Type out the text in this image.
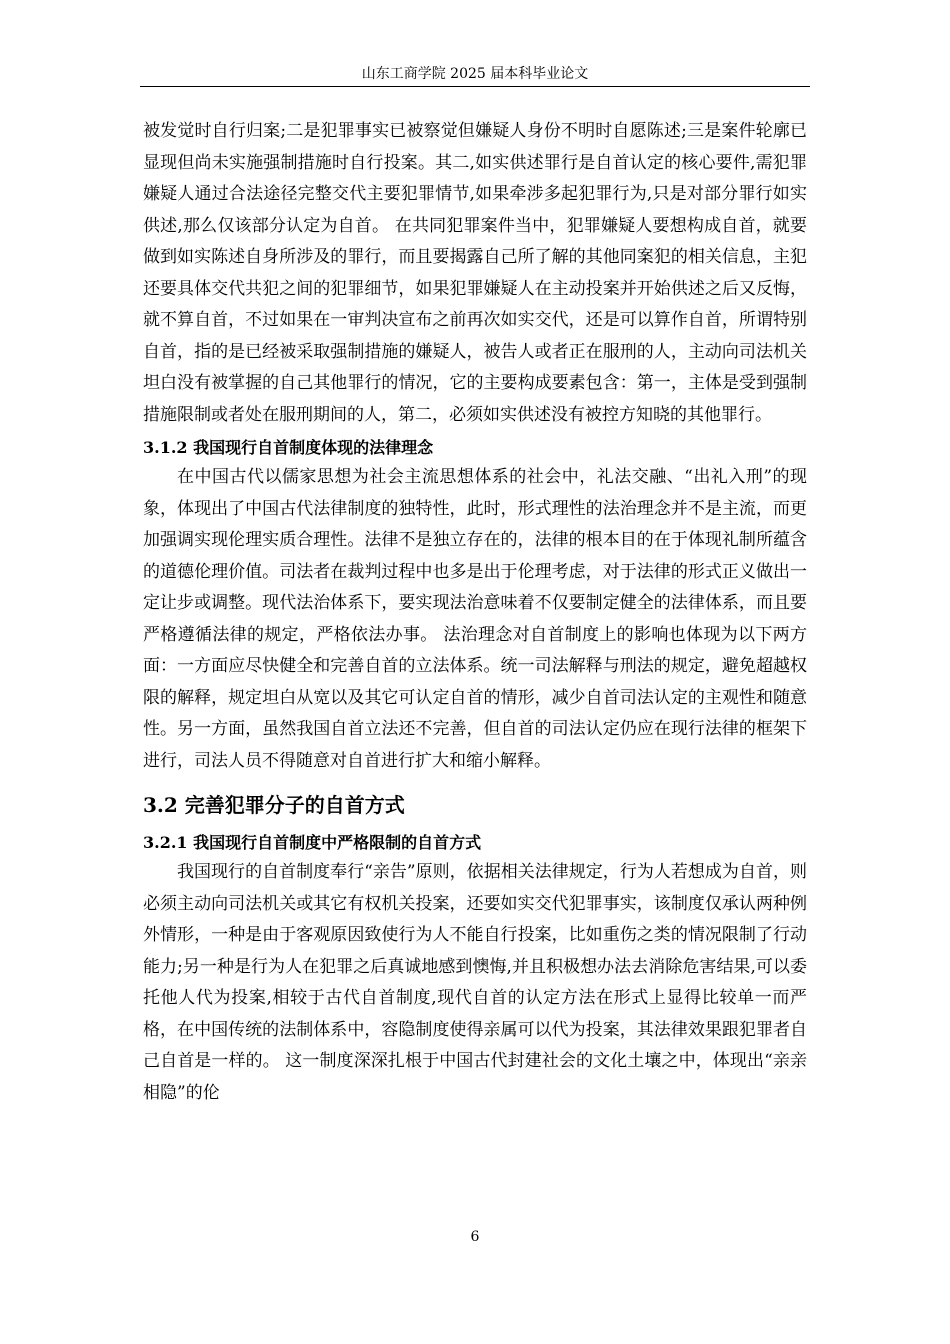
山东工商学院 2025 届本科毕业论文

被发觉时自行归案;二是犯罪事实已被察觉但嫌疑人身份不明时自愿陈述;三是案件轮廓已显现但尚未实施强制措施时自行投案。其二,如实供述罪行是自首认定的核心要件,需犯罪嫌疑人通过合法途径完整交代主要犯罪情节,如果牵涉多起犯罪行为,只是对部分罪行如实供述,那么仅该部分认定为自首。 在共同犯罪案件当中，犯罪嫌疑人要想构成自首，就要做到如实陈述自身所涉及的罪行，而且要揭露自己所了解的其他同案犯的相关信息，主犯还要具体交代共犯之间的犯罪细节，如果犯罪嫌疑人在主动投案并开始供述之后又反悔，就不算自首，不过如果在一审判决宣布之前再次如实交代，还是可以算作自首，所谓特别自首，指的是已经被采取强制措施的嫌疑人，被告人或者正在服刑的人，主动向司法机关坦白没有被掌握的自己其他罪行的情况，它的主要构成要素包含：第一，主体是受到强制措施限制或者处在服刑期间的人，第二，必须如实供述没有被控方知晓的其他罪行。

3.1.2 我国现行自首制度体现的法律理念

在中国古代以儒家思想为社会主流思想体系的社会中，礼法交融、“出礼入刑”的现象，体现出了中国古代法律制度的独特性，此时，形式理性的法治理念并不是主流，而更加强调实现伦理实质合理性。法律不是独立存在的，法律的根本目的在于体现礼制所蕴含的道德伦理价值。司法者在裁判过程中也多是出于伦理考虑，对于法律的形式正义做出一定让步或调整。现代法治体系下，要实现法治意味着不仅要制定健全的法律体系，而且要严格遵循法律的规定，严格依法办事。 法治理念对自首制度上的影响也体现为以下两方面：一方面应尽快健全和完善自首的立法体系。统一司法解释与刑法的规定，避免超越权限的解释，规定坦白从宽以及其它可认定自首的情形，减少自首司法认定的主观性和随意性。另一方面，虽然我国自首立法还不完善，但自首的司法认定仍应在现行法律的框架下进行，司法人员不得随意对自首进行扩大和缩小解释。

3.2 完善犯罪分子的自首方式
3.2.1 我国现行自首制度中严格限制的自首方式

我国现行的自首制度奉行“亲告”原则，依据相关法律规定，行为人若想成为自首，则必须主动向司法机关或其它有权机关投案，还要如实交代犯罪事实，该制度仅承认两种例外情形，一种是由于客观原因致使行为人不能自行投案，比如重伤之类的情况限制了行动能力;另一种是行为人在犯罪之后真诚地感到懊悔,并且积极想办法去消除危害结果,可以委托他人代为投案,相较于古代自首制度,现代自首的认定方法在形式上显得比较单一而严格，在中国传统的法制体系中，容隐制度使得亲属可以代为投案，其法律效果跟犯罪者自己自首是一样的。 这一制度深深扎根于中国古代封建社会的文化土壤之中，体现出“亲亲相隐”的伦

6
